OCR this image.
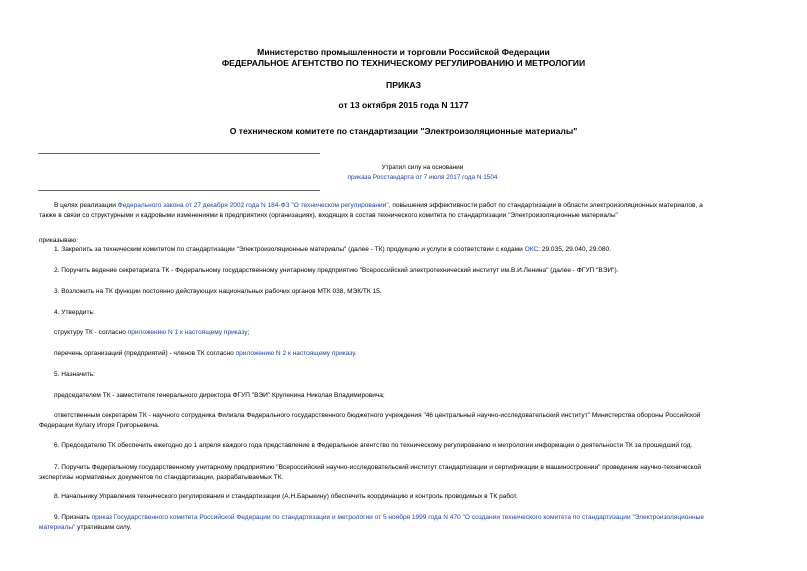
Министерство промышленности и торговли Российской Федерации
ФЕДЕРАЛЬНОЕ АГЕНТСТВО ПО ТЕХНИЧЕСКОМУ РЕГУЛИРОВАНИЮ И МЕТРОЛОГИИ
ПРИКАЗ
от 13 октября 2015 года N 1177
О техническом комитете по стандартизации "Электроизоляционные материалы"
Утратил силу на основании
приказа Росстандарта от 7 июля 2017 года N 1504
В целях реализации Федерального закона от 27 декабря 2002 года N 184-ФЗ "О техническом регулировании", повышения эффективности работ по стандартизации в области электроизоляционных материалов, а
также в связи со структурными и кадровыми изменениями в предприятиях (организациях), входящих в состав технического комитета по стандартизации "Электроизоляционные материалы"
приказываю:
1. Закрепить за техническим комитетом по стандартизации "Электроизоляционные материалы" (далее - ТК) продукцию и услуги в соответствии с кодами ОКС: 29.035, 29.040, 29.080.
2. Поручить ведение секретариата ТК - Федеральному государственному унитарному предприятию "Всероссийский электротехнический институт им.В.И.Ленина" (далее - ФГУП "ВЭИ").
3. Возложить на ТК функции постоянно действующих национальных рабочих органов МТК 038, МЭК/ТК 15.
4. Утвердить:
структуру ТК - согласно приложению N 1 к настоящему приказу;
перечень организаций (предприятий) - членов ТК согласно приложению N 2 к настоящему приказу.
5. Назначить:
председателем ТК - заместителя генерального директора ФГУП "ВЭИ" Круленина Николая Владимировича;
ответственным секретарем ТК - научного сотрудника Филиала Федерального государственного бюджетного учреждения "46 центральный научно-исследовательский институт" Министерства обороны Российской
Федерации Кулагу Игоря Григорьевича.
6. Председателю ТК обеспечить ежегодно до 1 апреля каждого года представление в Федеральное агентство по техническому регулированию и метрологии информации о деятельности ТК за прошедший год.
7. Поручить Федеральному государственному унитарному предприятию "Всероссийский научно-исследовательский институт стандартизации и сертификации в машиностроении" проведение научно-технической
экспертизы нормативных документов по стандартизации, разрабатываемых ТК.
8. Начальнику Управления технического регулирования и стандартизации (А.Н.Барыкину) обеспечить координацию и контроль проводимых в ТК работ.
9. Признать приказ Государственного комитета Российской Федерации по стандартизации и метрологии от 5 ноября 1999 года N 470 "О создании технического комитета по стандартизации "Электроизоляционные
материалы" утратившим силу.
